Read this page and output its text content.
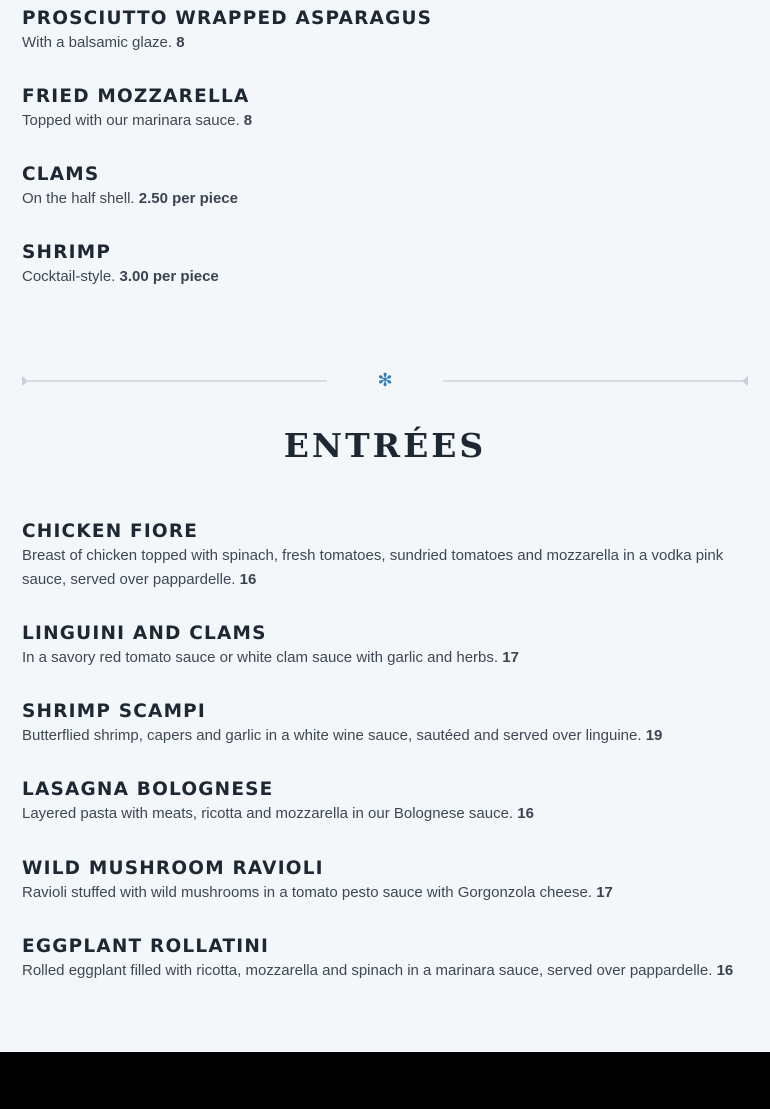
PROSCIUTTO WRAPPED ASPARAGUS

With a balsamic glaze. 8

FRIED MOZZARELLA

Topped with our marinara sauce. 8

CLAMS

On the half shell. 2.50 per piece

SHRIMP

Cocktail-style. 3.00 per piece

✻
ENTRÉES
CHICKEN FIORE

Breast of chicken topped with spinach, fresh tomatoes, sundried tomatoes and mozzarella in a vodka pink sauce, served over pappardelle. 16

LINGUINI AND CLAMS

In a savory red tomato sauce or white clam sauce with garlic and herbs. 17

SHRIMP SCAMPI

Butterflied shrimp, capers and garlic in a white wine sauce, sautéed and served over linguine. 19

LASAGNA BOLOGNESE

Layered pasta with meats, ricotta and mozzarella in our Bolognese sauce. 16

WILD MUSHROOM RAVIOLI

Ravioli stuffed with wild mushrooms in a tomato pesto sauce with Gorgonzola cheese. 17

EGGPLANT ROLLATINI

Rolled eggplant filled with ricotta, mozzarella and spinach in a marinara sauce, served over pappardelle. 16
